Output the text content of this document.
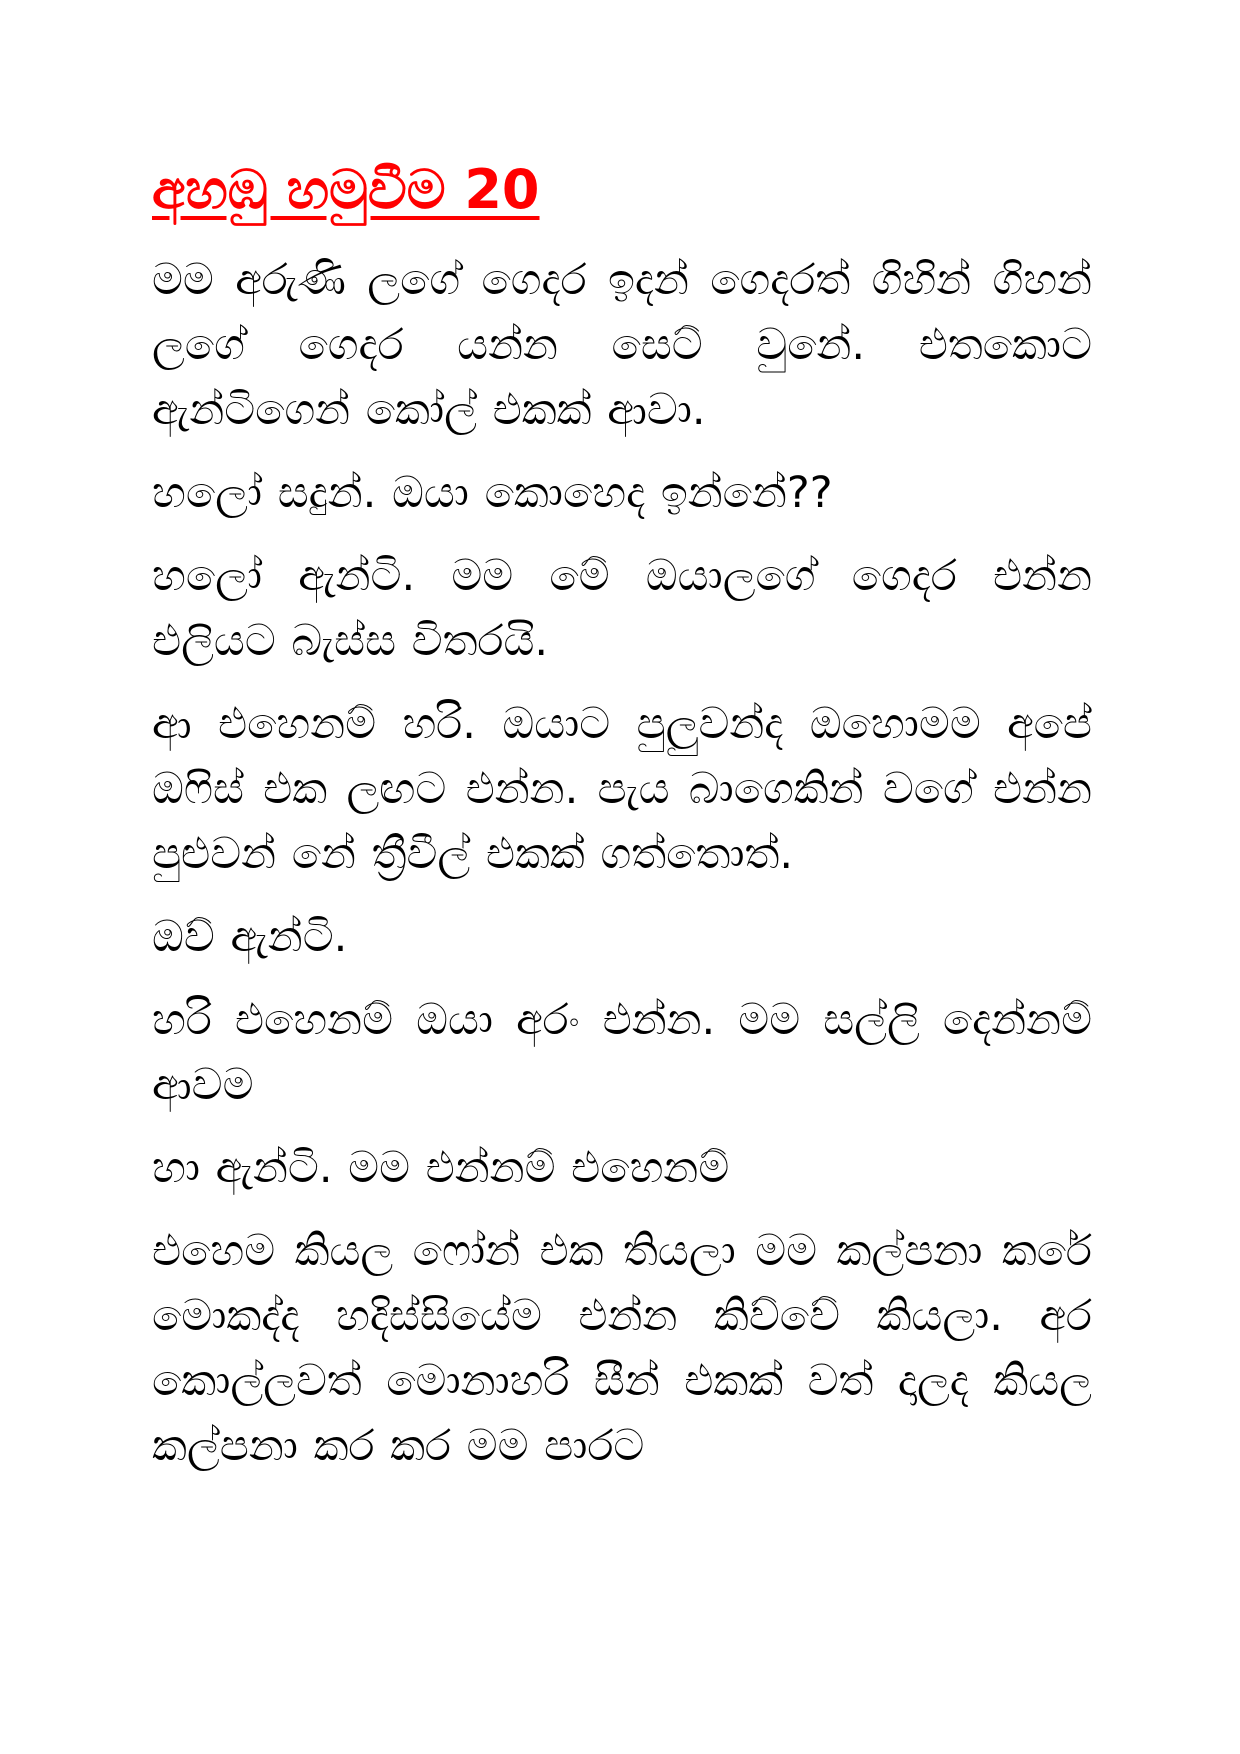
අහඹු හමුවීම 20

මම අරුණි ලගේ ගෙදර ඉදන් ගෙදරත් ගිහින් ගිහන් ලගේ ගෙදර යන්න සෙට් වුනේ. එතකොට ඇන්ටිගෙන් කෝල් එකක් ආවා.

හලෝ සදුන්. ඔයා කොහෙද ඉන්නේ??

හලෝ ඇන්ටි. මම මේ ඔයාලගේ ගෙදර එන්න එලියට බැස්ස විතරයි.

ආ එහෙනම් හරි. ඔයාට පුලුවන්ද ඔහොමම අපේ ඔෆිස් එක ලඟට එන්න. පැය බාගෙකින් වගේ එන්න පුළුවන් නේ ත්‍රීවීල් එකක් ගත්තොත්.

ඔව් ඇන්ටි.

හරි එහෙනම් ඔයා අරං එන්න. මම සල්ලි දෙන්නම් ආවම

හා ඇන්ටි. මම එන්නම් එහෙනම්

එහෙම කියල ෆෝන් එක තියලා මම කල්පනා කරේ මොකද්ද හදිස්සියේම එන්න කිව්වේ කියලා. අර කොල්ලවත් මොනාහරි සීන් එකක් වත් දාලද කියල කල්පනා කර කර මම පාරට
